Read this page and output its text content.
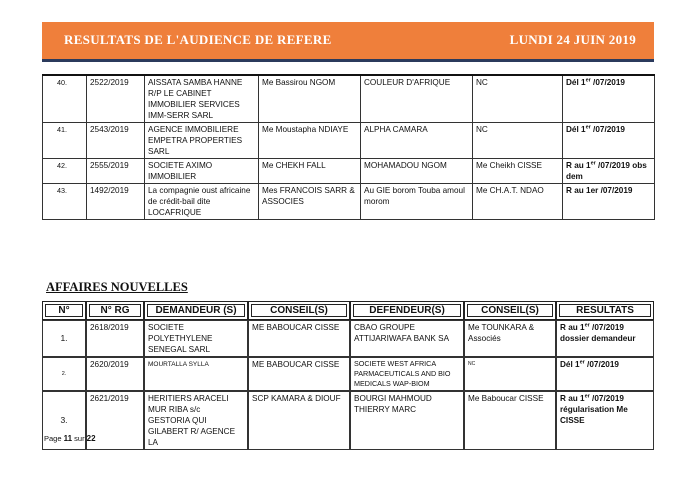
RESULTATS DE L'AUDIENCE DE REFERE	LUNDI 24 JUIN 2019
40.	2522/2019	AISSATA SAMBA HANNE R/P LE CABINET IMMOBILIER SERVICES IMM-SERR SARL	Me Bassirou NGOM	COULEUR D'AFRIQUE	NC	Dél 1er /07/2019
41.	2543/2019	AGENCE IMMOBILIERE EMPETRA PROPERTIES SARL	Me Moustapha NDIAYE	ALPHA CAMARA	NC	Dél 1er /07/2019
42.	2555/2019	SOCIETE AXIMO IMMOBILIER	Me CHEKH FALL	MOHAMADOU NGOM	Me Cheikh CISSE	R au 1er /07/2019 obs dem
43.	1492/2019	La compagnie oust africaine de crédit-bail dite LOCAFRIQUE	Mes FRANCOIS SARR & ASSOCIES	Au GIE borom Touba amoul morom	Me CH.A.T. NDAO	R au 1er /07/2019
AFFAIRES NOUVELLES
N°	N° RG	DEMANDEUR (S)	CONSEIL(S)	DEFENDEUR(S)	CONSEIL(S)	RESULTATS
1.	2618/2019	SOCIETE POLYETHYLENE SENEGAL SARL	ME BABOUCAR CISSE	CBAO GROUPE ATTIJARIWAFA BANK SA	Me TOUNKARA & Associés	R au 1er /07/2019 dossier demandeur
2.	2620/2019	MOURTALLA SYLLA	ME BABOUCAR CISSE	SOCIETE WEST AFRICA PARMACEUTICALS AND BIO MEDICALS WAP-BIOM	NC	Dél 1er /07/2019
3.	2621/2019	HERITIERS ARACELI MUR RIBA s/c GESTORIA QUI GILABERT R/ AGENCE LA	SCP KAMARA & DIOUF	BOURGI MAHMOUD THIERRY MARC	Me Baboucar CISSE	R au 1er /07/2019 régularisation Me CISSE
Page 11 sur 22
